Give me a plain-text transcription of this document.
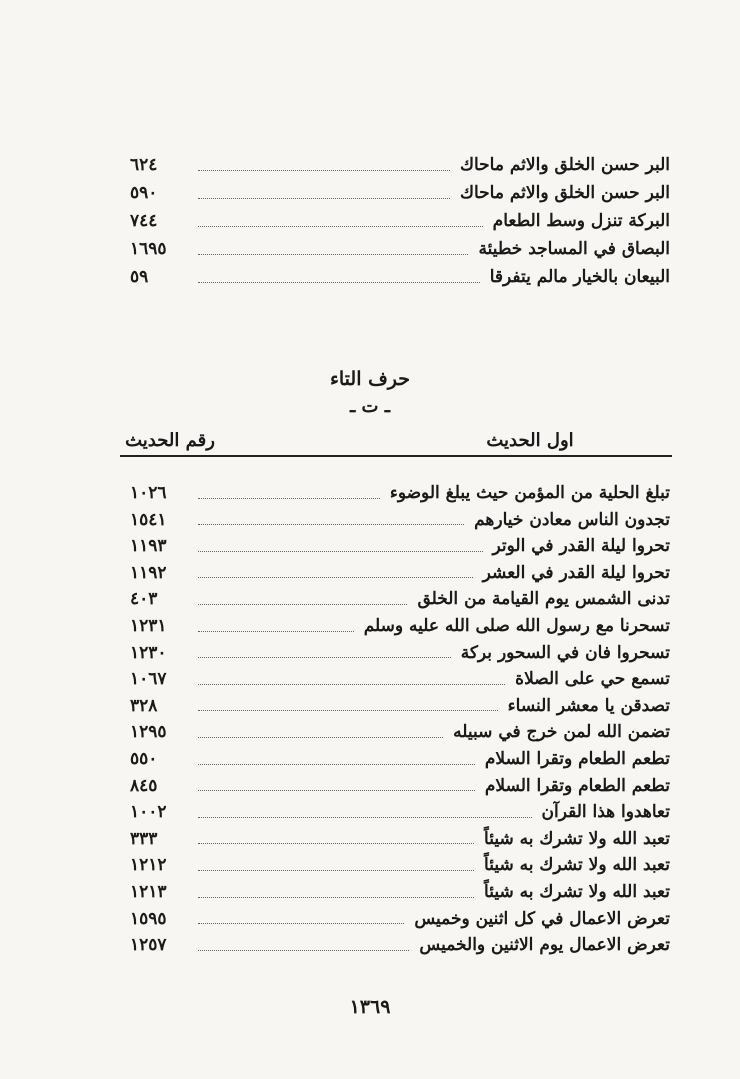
البر حسن الخلق والاثم ماحاك
٦٢٤
البر حسن الخلق والاثم ماحاك
٥٩٠
البركة تنزل وسط الطعام
٧٤٤
البصاق في المساجد خطيئة
١٦٩٥
البيعان بالخيار مالم يتفرقا
٥٩
حرف التاء
ـ ت ـ
اول الحديث
رقم الحديث
تبلغ الحلية من المؤمن حيث يبلغ الوضوء
١٠٢٦
تجدون الناس معادن خيارهم
١٥٤١
تحروا ليلة القدر في الوتر
١١٩٣
تحروا ليلة القدر في العشر
١١٩٢
تدنى الشمس يوم القيامة من الخلق
٤٠٣
تسحرنا مع رسول الله صلى الله عليه وسلم
١٢٣١
تسحروا فان في السحور بركة
١٢٣٠
تسمع حي على الصلاة
١٠٦٧
تصدقن يا معشر النساء
٣٢٨
تضمن الله لمن خرج في سبيله
١٢٩٥
تطعم الطعام وتقرا السلام
٥٥٠
تطعم الطعام وتقرا السلام
٨٤٥
تعاهدوا هذا القرآن
١٠٠٢
تعبد الله ولا تشرك به شيئاً
٣٣٣
تعبد الله ولا تشرك به شيئاً
١٢١٢
تعبد الله ولا تشرك به شيئاً
١٢١٣
تعرض الاعمال في كل اثنين وخميس
١٥٩٥
تعرض الاعمال يوم الاثنين والخميس
١٢٥٧
١٣٦٩
